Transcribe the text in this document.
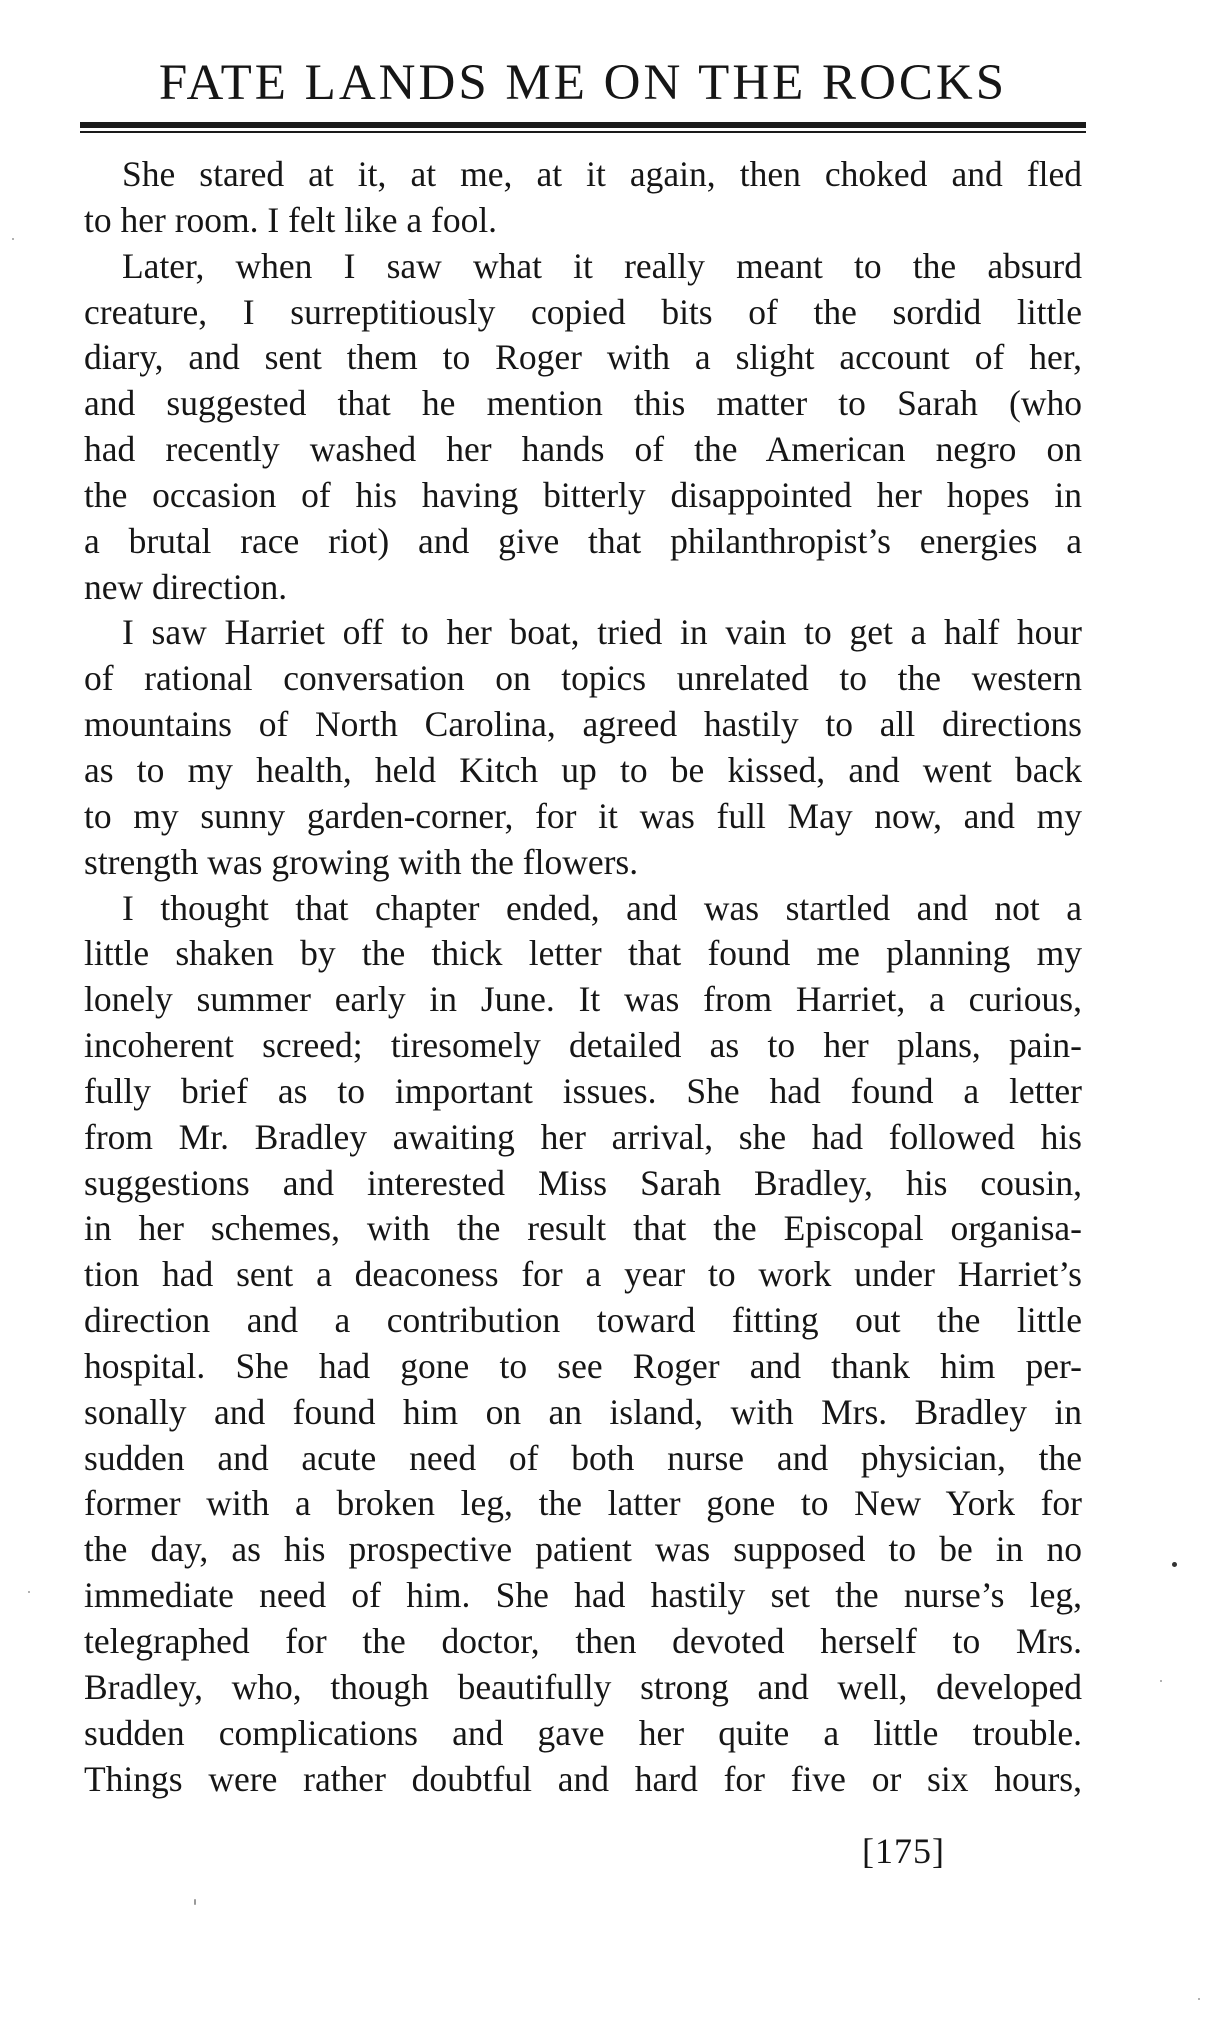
FATE LANDS ME ON THE ROCKS
She stared at it, at me, at it again, then choked and fled
to her room. I felt like a fool.
Later, when I saw what it really meant to the absurd
creature, I surreptitiously copied bits of the sordid little
diary, and sent them to Roger with a slight account of her,
and suggested that he mention this matter to Sarah (who
had recently washed her hands of the American negro on
the occasion of his having bitterly disappointed her hopes in
a brutal race riot) and give that philanthropist’s energies a
new direction.
I saw Harriet off to her boat, tried in vain to get a half hour
of rational conversation on topics unrelated to the western
mountains of North Carolina, agreed hastily to all directions
as to my health, held Kitch up to be kissed, and went back
to my sunny garden-corner, for it was full May now, and my
strength was growing with the flowers.
I thought that chapter ended, and was startled and not a
little shaken by the thick letter that found me planning my
lonely summer early in June. It was from Harriet, a curious,
incoherent screed; tiresomely detailed as to her plans, pain-
fully brief as to important issues. She had found a letter
from Mr. Bradley awaiting her arrival, she had followed his
suggestions and interested Miss Sarah Bradley, his cousin,
in her schemes, with the result that the Episcopal organisa-
tion had sent a deaconess for a year to work under Harriet’s
direction and a contribution toward fitting out the little
hospital. She had gone to see Roger and thank him per-
sonally and found him on an island, with Mrs. Bradley in
sudden and acute need of both nurse and physician, the
former with a broken leg, the latter gone to New York for
the day, as his prospective patient was supposed to be in no
immediate need of him. She had hastily set the nurse’s leg,
telegraphed for the doctor, then devoted herself to Mrs.
Bradley, who, though beautifully strong and well, developed
sudden complications and gave her quite a little trouble.
Things were rather doubtful and hard for five or six hours,
[175]
